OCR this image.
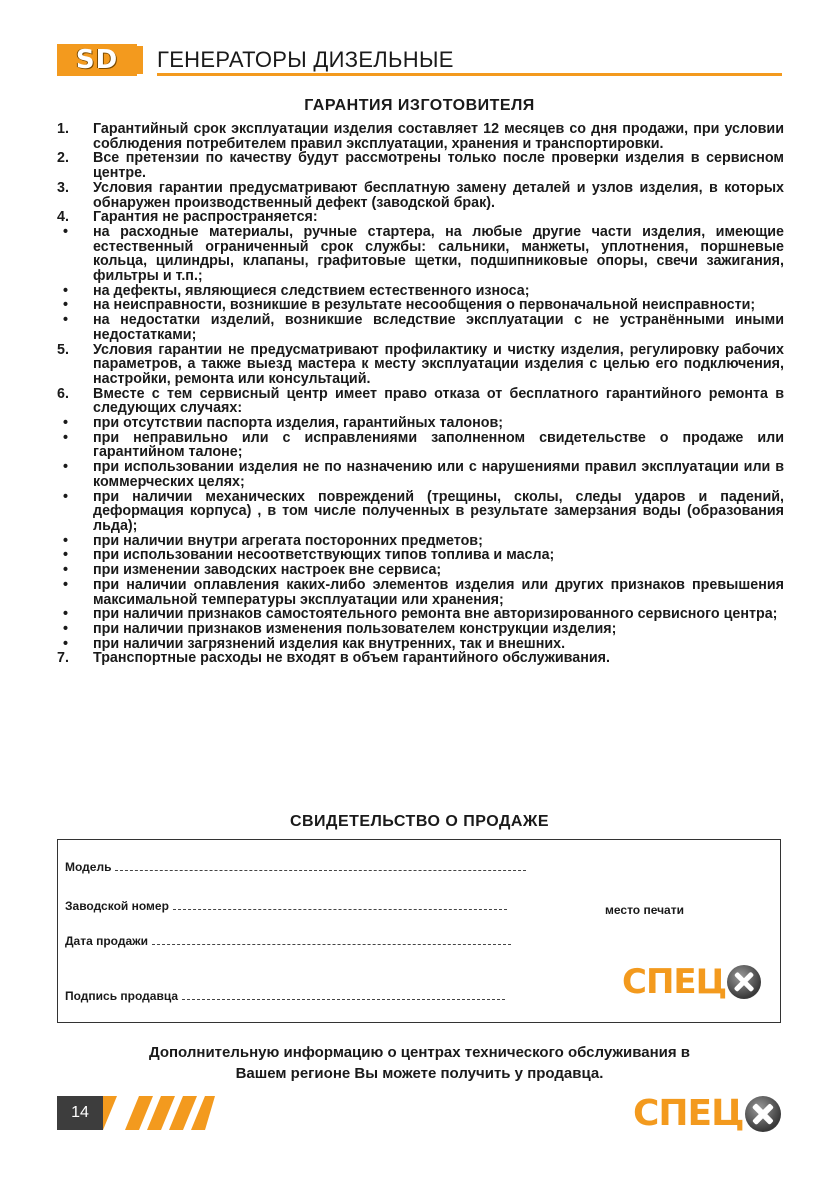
SD	ГЕНЕРАТОРЫ ДИЗЕЛЬНЫЕ
ГАРАНТИЯ ИЗГОТОВИТЕЛЯ
1. Гарантийный срок эксплуатации изделия составляет 12 месяцев со дня продажи, при условии соблюдения потребителем правил эксплуатации, хранения и транспортировки.
2. Все претензии по качеству будут рассмотрены только после проверки изделия в сервисном центре.
3. Условия гарантии предусматривают бесплатную замену деталей и узлов изделия, в которых обнаружен производственный дефект (заводской брак).
4. Гарантия не распространяется:
• на расходные материалы, ручные стартера, на любые другие части изделия, имеющие естественный ограниченный срок службы: сальники, манжеты, уплотнения, поршневые кольца, цилиндры, клапаны, графитовые щетки, подшипниковые опоры, свечи зажигания, фильтры и т.п.;
• на дефекты, являющиеся следствием естественного износа;
• на неисправности, возникшие в результате несообщения о первоначальной неисправности;
• на недостатки изделий, возникшие вследствие эксплуатации с не устранёнными иными недостатками;
5. Условия гарантии не предусматривают профилактику и чистку изделия, регулировку рабочих параметров, а также выезд мастера к месту эксплуатации изделия с целью его подключения, настройки, ремонта или консультаций.
6. Вместе с тем сервисный центр имеет право отказа от бесплатного гарантийного ремонта в следующих случаях:
• при отсутствии паспорта изделия, гарантийных талонов;
• при неправильно или с исправлениями заполненном свидетельстве о продаже или гарантийном талоне;
• при использовании изделия не по назначению или с нарушениями правил эксплуатации или в коммерческих целях;
• при наличии механических повреждений (трещины, сколы, следы ударов и падений, деформация корпуса) , в том числе полученных в результате замерзания воды (образования льда);
• при наличии внутри агрегата посторонних предметов;
• при использовании несоответствующих типов топлива и масла;
• при изменении заводских настроек вне сервиса;
• при наличии оплавления каких-либо элементов изделия или других признаков превышения максимальной температуры эксплуатации или хранения;
• при наличии признаков самостоятельного ремонта вне авторизированного сервисного центра;
• при наличии признаков изменения пользователем конструкции изделия;
• при наличии загрязнений изделия как внутренних, так и внешних.
7. Транспортные расходы не входят в объем гарантийного обслуживания.
СВИДЕТЕЛЬСТВО О ПРОДАЖЕ
Модель
Заводской номер
Дата продажи
Подпись продавца
место печати
СПЕЦ
Дополнительную информацию о центрах технического обслуживания в
Вашем регионе Вы можете получить у продавца.
14	СПЕЦ
